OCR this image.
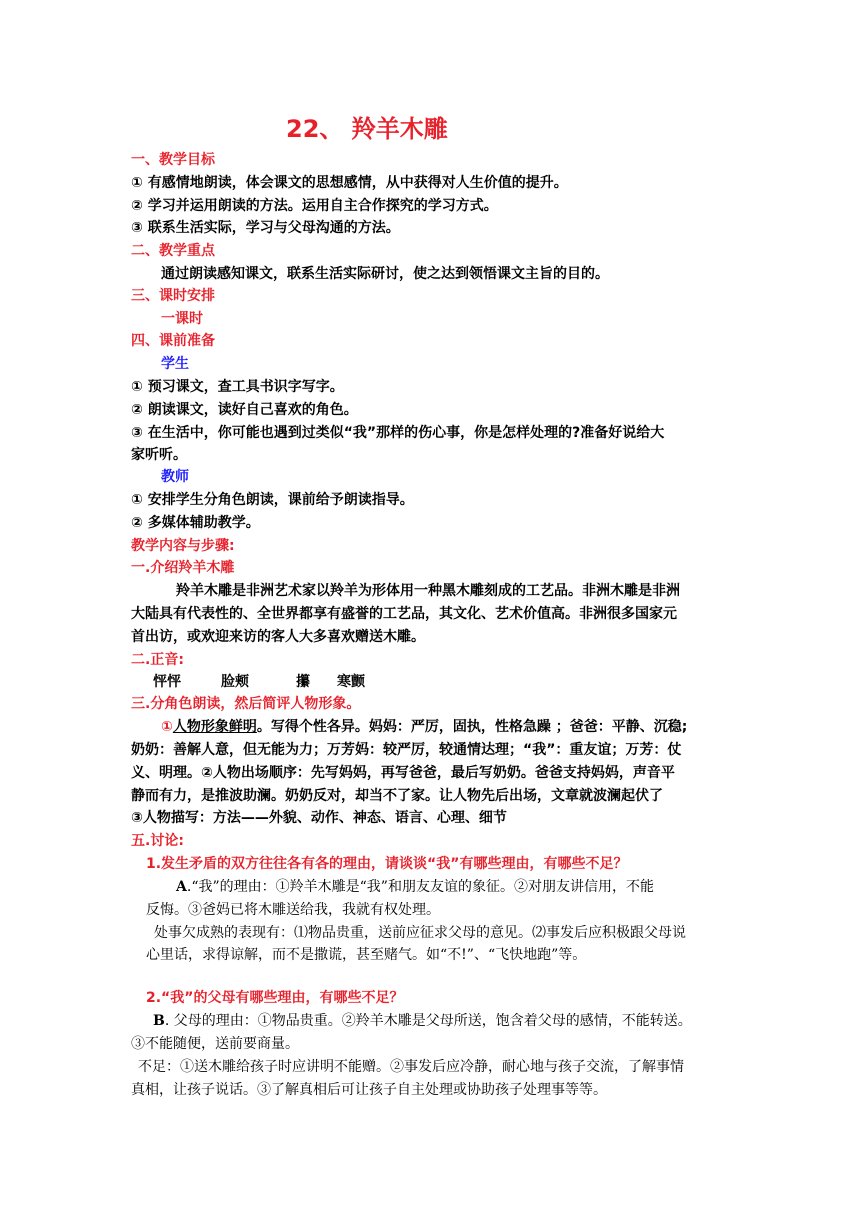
22、 羚羊木雕
一、教学目标
① 有感情地朗读，体会课文的思想感情，从中获得对人生价值的提升。
② 学习并运用朗读的方法。运用自主合作探究的学习方式。
③ 联系生活实际，学习与父母沟通的方法。
二、教学重点
通过朗读感知课文，联系生活实际研讨，使之达到领悟课文主旨的目的。
三、课时安排
一课时
四、课前准备
学生
① 预习课文，查工具书识字写字。
② 朗读课文，读好自己喜欢的角色。
③ 在生活中，你可能也遇到过类似“我”那样的伤心事，你是怎样处理的?准备好说给大
家听听。
教师
① 安排学生分角色朗读，课前给予朗读指导。
② 多媒体辅助教学。
教学内容与步骤:
一.介绍羚羊木雕
羚羊木雕是非洲艺术家以羚羊为形体用一种黑木雕刻成的工艺品。非洲木雕是非洲
大陆具有代表性的、全世界都享有盛誉的工艺品，其文化、艺术价值高。非洲很多国家元
首出访，或欢迎来访的客人大多喜欢赠送木雕。
二.正音:
怦怦	脸颊	攥 寒颤
三.分角色朗读，然后简评人物形象。
①人物形象鲜明。写得个性各异。妈妈：严厉，固执，性格急躁 ；爸爸：平静、沉稳;
奶奶：善解人意，但无能为力；万芳妈：较严厉，较通情达理；“我”：重友谊；万芳：仗
义、明理。②人物出场顺序：先写妈妈，再写爸爸，最后写奶奶。爸爸支持妈妈，声音平
静而有力，是推波助澜。奶奶反对，却当不了家。让人物先后出场，文章就波澜起伏了
③人物描写：方法——外貌、动作、神态、语言、心理、细节
五.讨论:
1.发生矛盾的双方往往各有各的理由，请谈谈“我”有哪些理由，有哪些不足？
A.“我”的理由：①羚羊木雕是“我”和朋友友谊的象征。②对朋友讲信用，不能
反悔。③爸妈已将木雕送给我，我就有权处理。
处事欠成熟的表现有：⑴物品贵重，送前应征求父母的意见。⑵事发后应积极跟父母说
心里话，求得谅解，而不是撒谎，甚至赌气。如“不!”、“飞快地跑”等。
2.“我”的父母有哪些理由，有哪些不足？
B. 父母的理由：①物品贵重。②羚羊木雕是父母所送，饱含着父母的感情，不能转送。
③不能随便，送前要商量。
不足：①送木雕给孩子时应讲明不能赠。②事发后应冷静，耐心地与孩子交流，了解事情
真相，让孩子说话。③了解真相后可让孩子自主处理或协助孩子处理事等等。
